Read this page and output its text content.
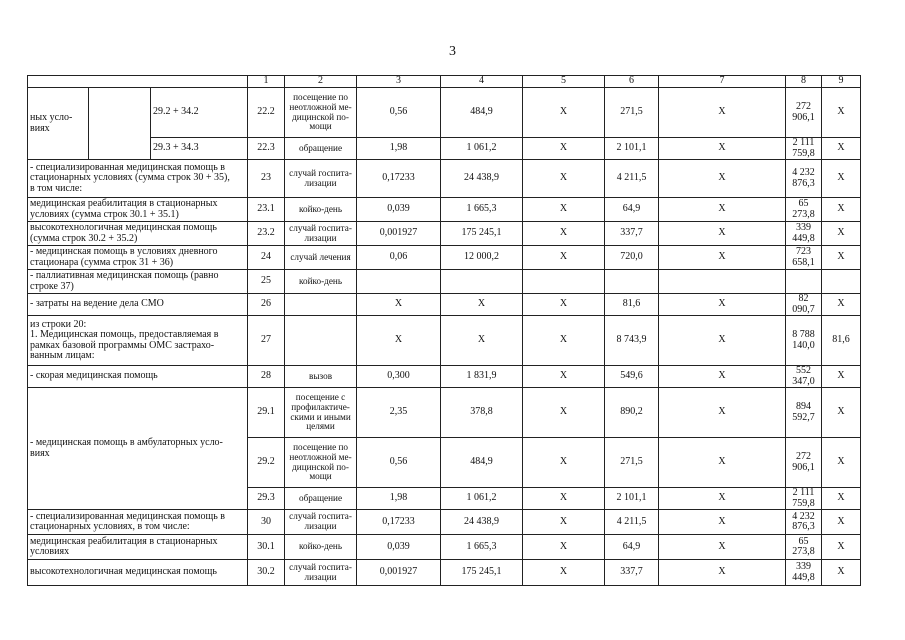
3
			1	2	3	4	5	6	7	8	9
ных усло-
виях		29.2 + 34.2	22.2	посещение по
неотложной ме-
дицинской по-
мощи	0,56	484,9	Х	271,5	Х	272 906,1	Х
		29.3 + 34.3	22.3	обращение	1,98	1 061,2	Х	2 101,1	Х	2 111 759,8	Х
- специализированная медицинская помощь в
стационарных условиях (сумма строк 30 + 35),
в том числе:			23	случай госпита-
лизации	0,17233	24 438,9	Х	4 211,5	Х	4 232 876,3	Х
медицинская реабилитация в стационарных
условиях (сумма строк 30.1 + 35.1)			23.1	койко-день	0,039	1 665,3	Х	64,9	Х	65 273,8	Х
высокотехнологичная медицинская помощь
(сумма строк 30.2 + 35.2)			23.2	случай госпита-
лизации	0,001927	175 245,1	Х	337,7	Х	339 449,8	Х
- медицинская помощь в условиях дневного
стационара (сумма строк 31 + 36)			24	случай лечения	0,06	12 000,2	Х	720,0	Х	723 658,1	Х
- паллиативная медицинская помощь (равно
строке 37)			25	койко-день							
- затраты на ведение дела СМО			26		Х	Х	Х	81,6	Х	82 090,7	Х
из строки 20:
1. Медицинская помощь, предоставляемая в
рамках базовой программы ОМС застрахо-
ванным лицам:			27		Х	Х	Х	8 743,9	Х	8 788 140,0	81,6
- скорая медицинская помощь			28	вызов	0,300	1 831,9	Х	549,6	Х	552 347,0	Х
- медицинская помощь в амбулаторных усло-
виях			29.1	посещение с
профилактиче-
скими и иными
целями	2,35	378,8	Х	890,2	Х	894 592,7	Х
			29.2	посещение по
неотложной ме-
дицинской по-
мощи	0,56	484,9	Х	271,5	Х	272 906,1	Х
			29.3	обращение	1,98	1 061,2	Х	2 101,1	Х	2 111 759,8	Х
- специализированная медицинская помощь в
стационарных условиях, в том числе:			30	случай госпита-
лизации	0,17233	24 438,9	Х	4 211,5	Х	4 232 876,3	Х
медицинская реабилитация в стационарных
условиях			30.1	койко-день	0,039	1 665,3	Х	64,9	Х	65 273,8	Х
высокотехнологичная медицинская помощь			30.2	случай госпита-
лизации	0,001927	175 245,1	Х	337,7	Х	339 449,8	Х
